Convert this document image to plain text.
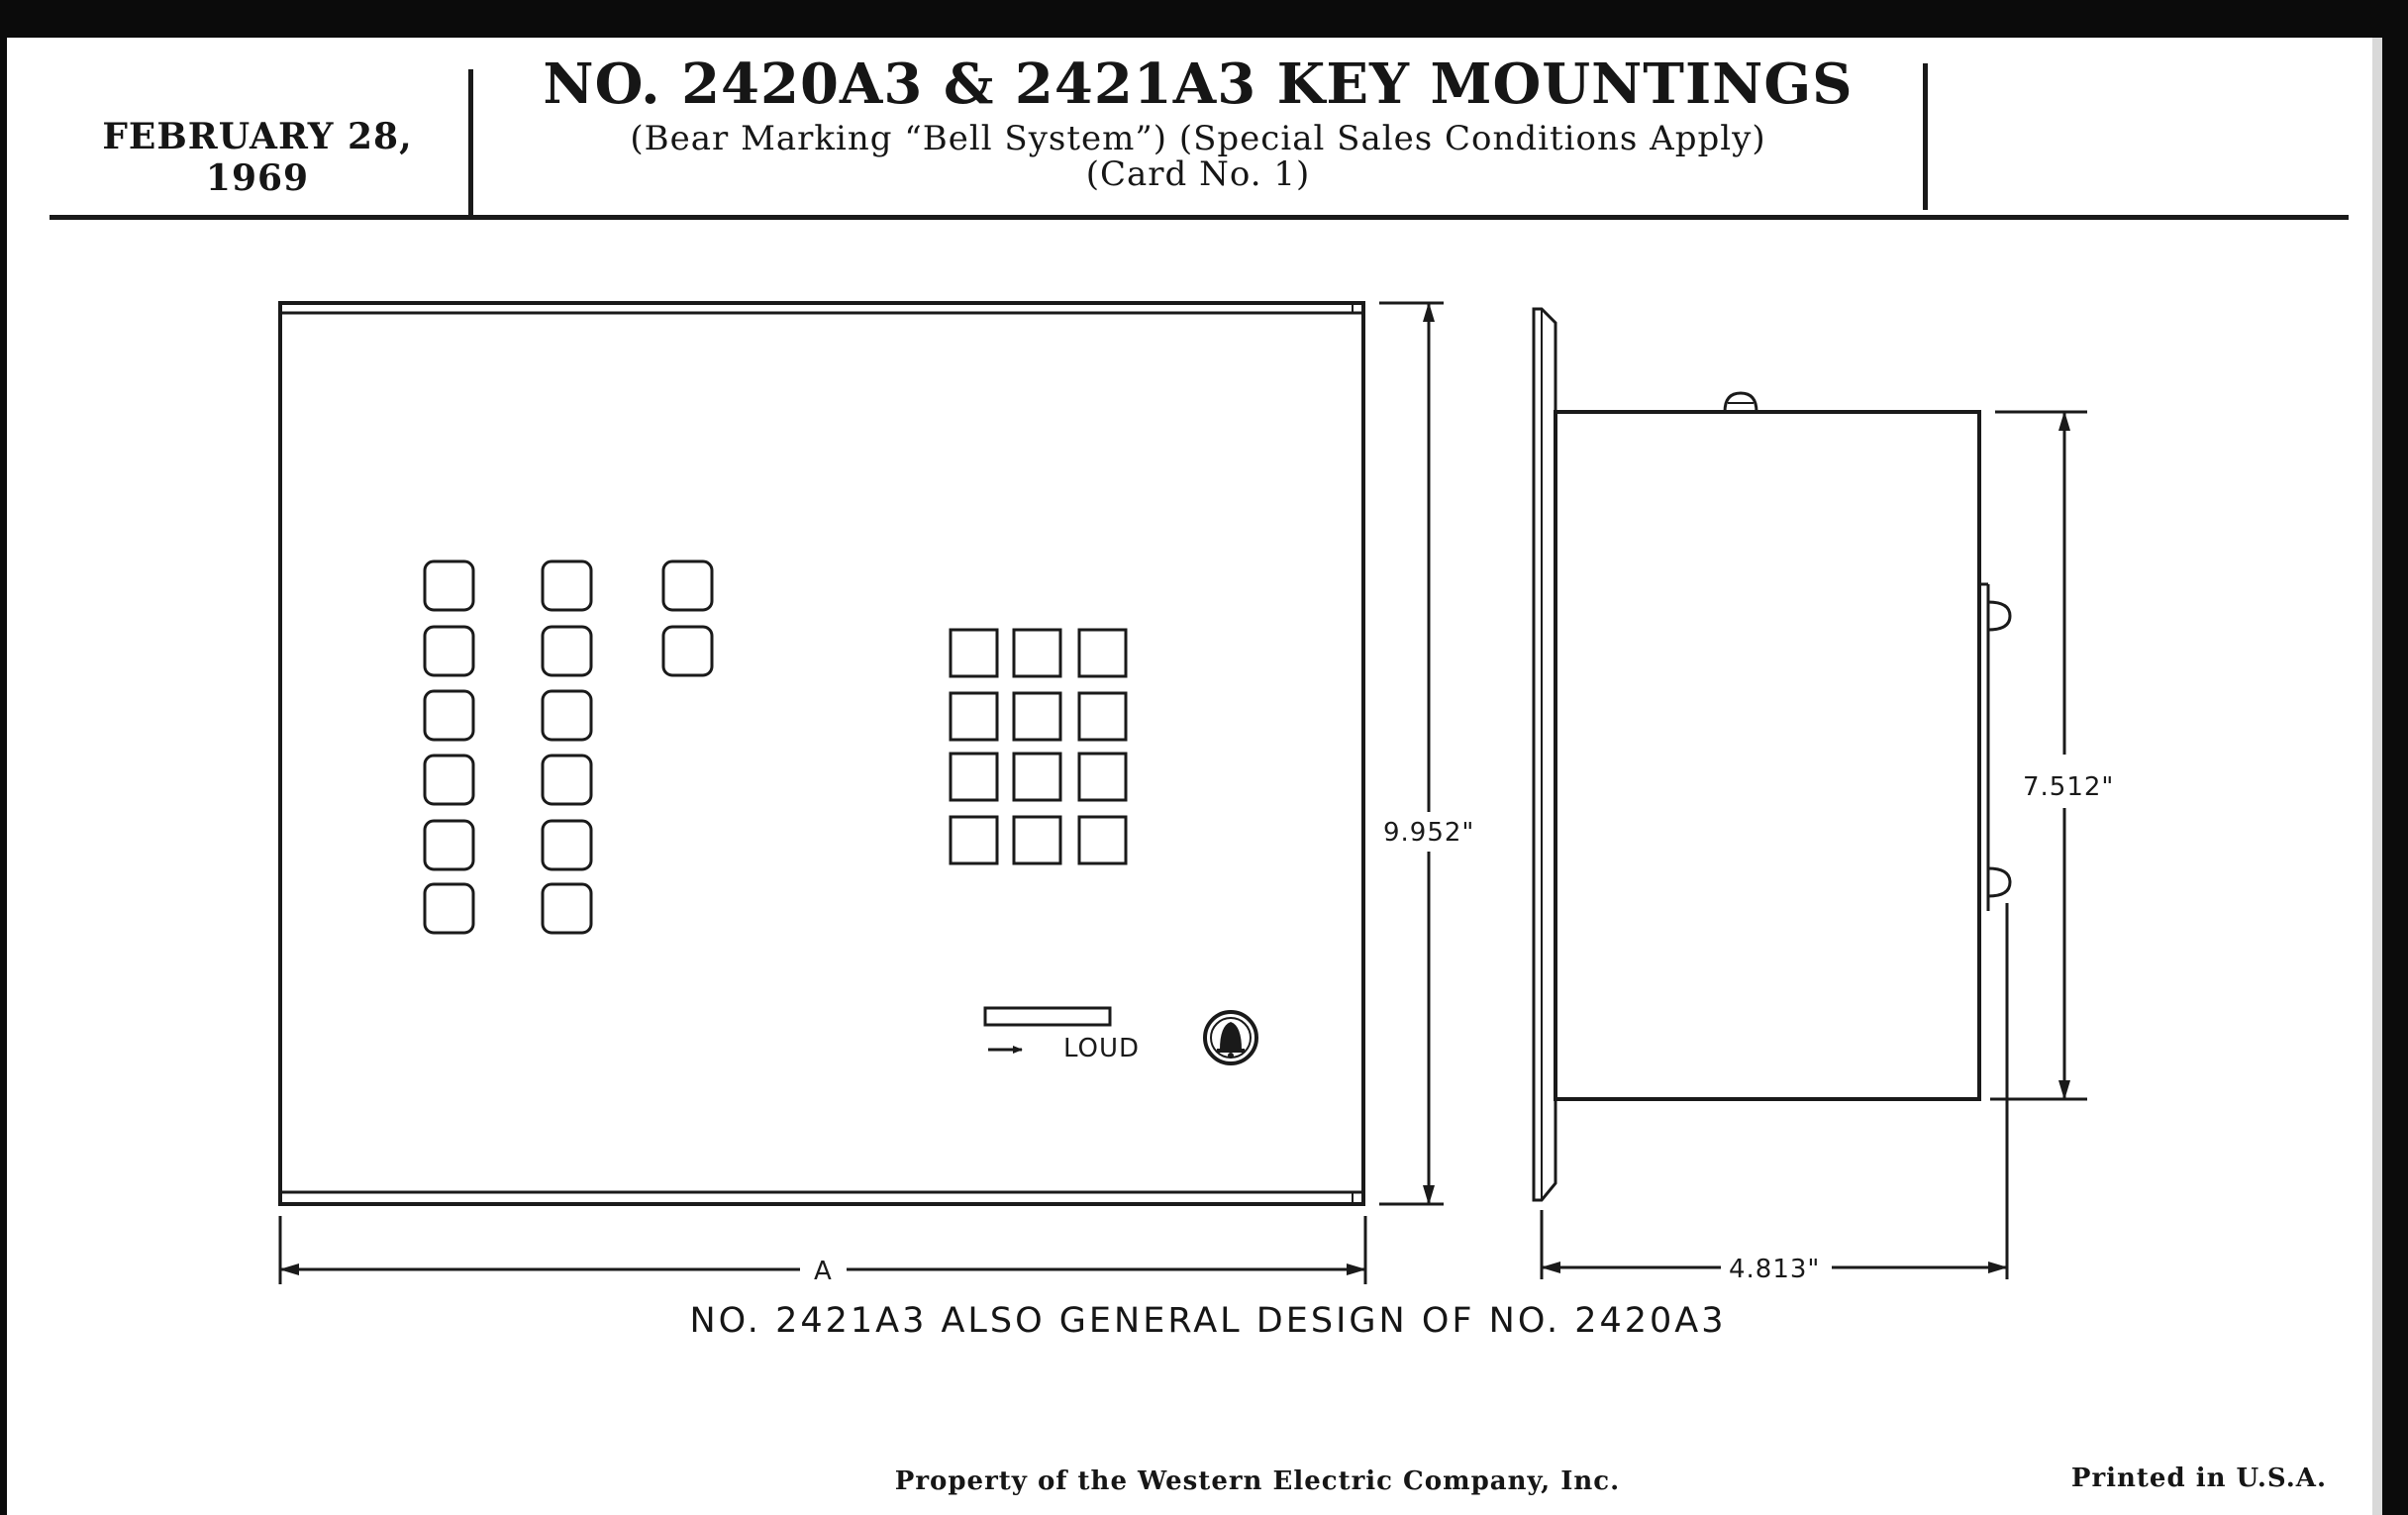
FEBRUARY 28, 1969
NO. 2420A3 & 2421A3 KEY MOUNTINGS
(Bear Marking “Bell System”) (Special Sales Conditions Apply)
(Card No. 1)
LOUD
9.952"
A
7.512"
4.813"
NO. 2421A3 ALSO GENERAL DESIGN OF NO. 2420A3
Property of the Western Electric Company, Inc.	Printed in U.S.A.
